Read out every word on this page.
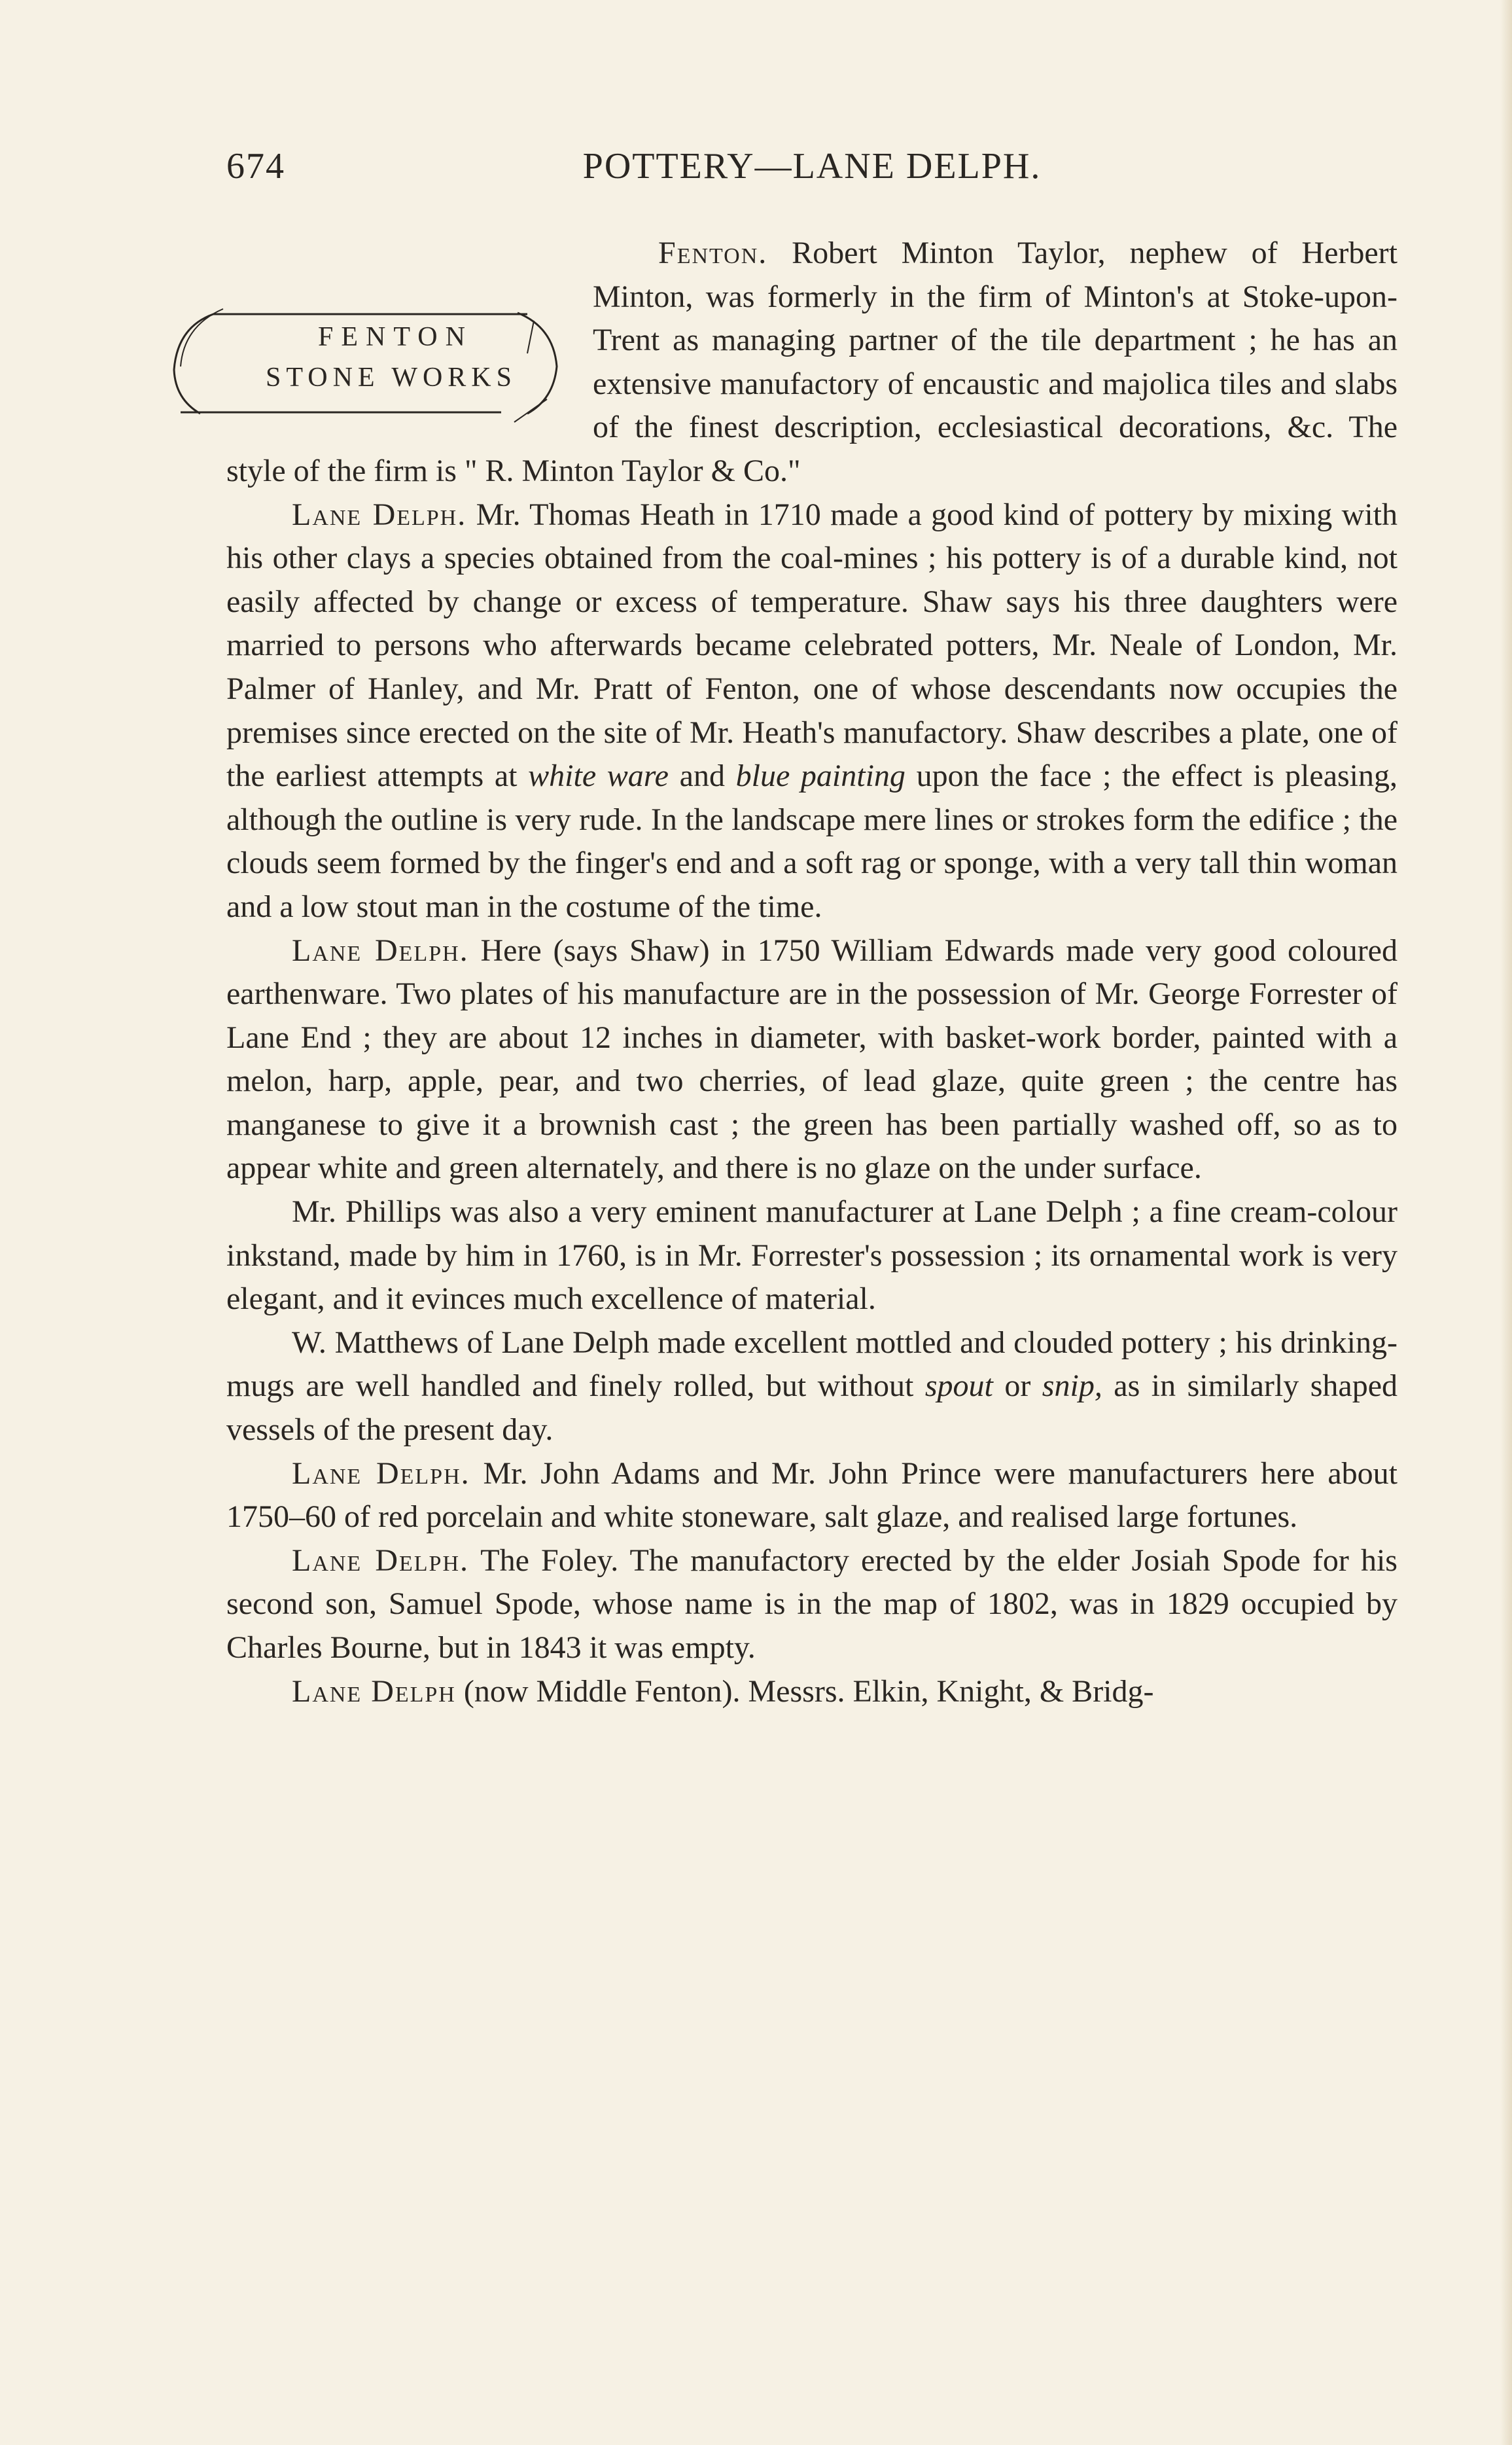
674	POTTERY—LANE DELPH.

Fenton.
FENTON
STONE WORKS
Robert Minton Taylor, nephew of Herbert Minton, was formerly in the firm of Minton's at Stoke-upon-Trent as managing partner of the tile department ; he has an extensive manufactory of encaustic and majolica tiles and slabs of the finest description, ecclesiastical decorations, &c. The style of the firm is " R. Minton Taylor & Co."

Lane Delph. Mr. Thomas Heath in 1710 made a good kind of pottery by mixing with his other clays a species obtained from the coal-mines ; his pottery is of a durable kind, not easily affected by change or excess of temperature. Shaw says his three daughters were married to persons who afterwards became celebrated potters, Mr. Neale of London, Mr. Palmer of Hanley, and Mr. Pratt of Fenton, one of whose descendants now occupies the premises since erected on the site of Mr. Heath's manufactory. Shaw describes a plate, one of the earliest attempts at white ware and blue painting upon the face ; the effect is pleasing, although the outline is very rude. In the landscape mere lines or strokes form the edifice ; the clouds seem formed by the finger's end and a soft rag or sponge, with a very tall thin woman and a low stout man in the costume of the time.

Lane Delph. Here (says Shaw) in 1750 William Edwards made very good coloured earthenware. Two plates of his manufacture are in the possession of Mr. George Forrester of Lane End ; they are about 12 inches in diameter, with basket-work border, painted with a melon, harp, apple, pear, and two cherries, of lead glaze, quite green ; the centre has manganese to give it a brownish cast ; the green has been partially washed off, so as to appear white and green alternately, and there is no glaze on the under surface.

Mr. Phillips was also a very eminent manufacturer at Lane Delph ; a fine cream-colour inkstand, made by him in 1760, is in Mr. Forrester's possession ; its ornamental work is very elegant, and it evinces much excellence of material.

W. Matthews of Lane Delph made excellent mottled and clouded pottery ; his drinking-mugs are well handled and finely rolled, but without spout or snip, as in similarly shaped vessels of the present day.

Lane Delph. Mr. John Adams and Mr. John Prince were manufacturers here about 1750–60 of red porcelain and white stoneware, salt glaze, and realised large fortunes.

Lane Delph. The Foley. The manufactory erected by the elder Josiah Spode for his second son, Samuel Spode, whose name is in the map of 1802, was in 1829 occupied by Charles Bourne, but in 1843 it was empty.

Lane Delph (now Middle Fenton). Messrs. Elkin, Knight, & Bridg-
